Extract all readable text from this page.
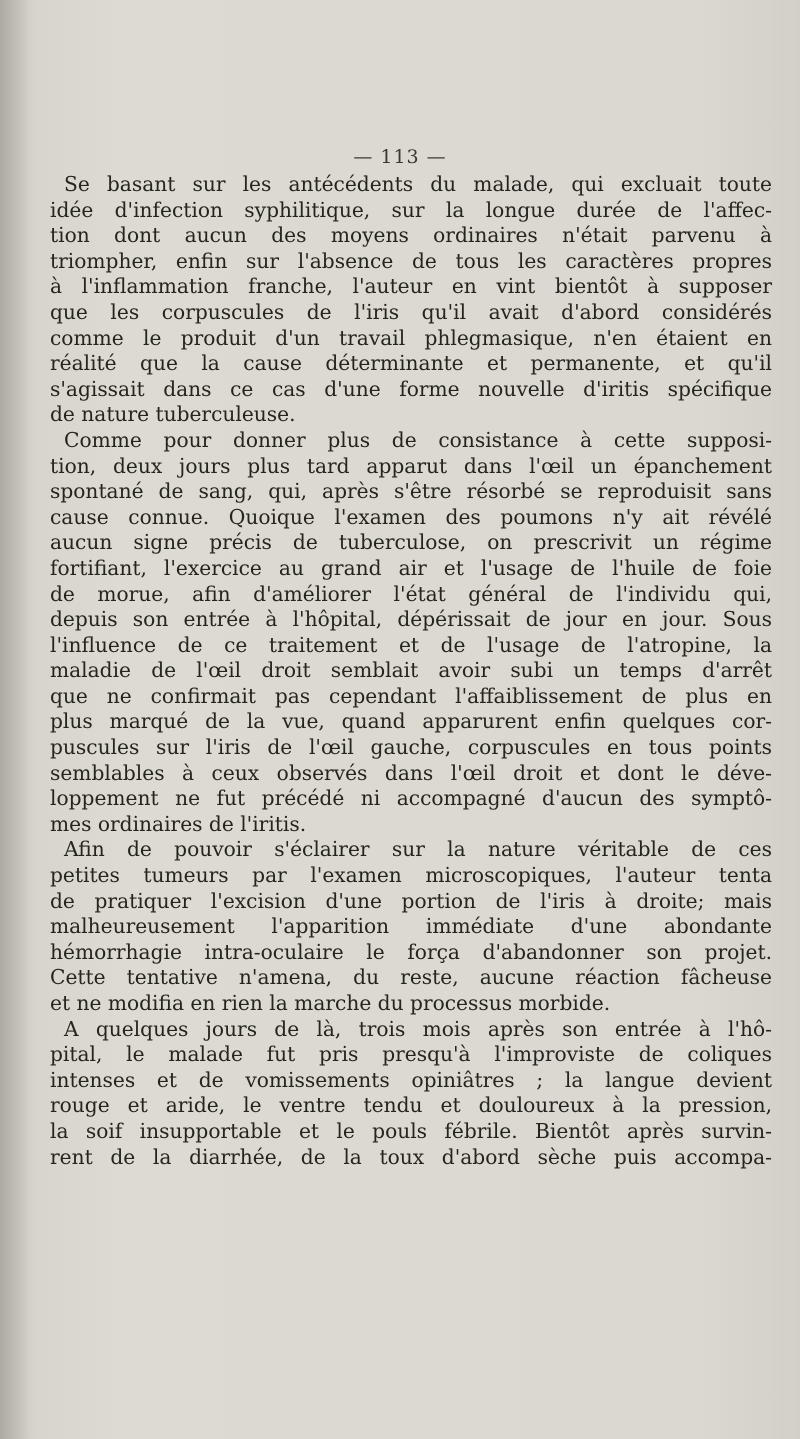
— 113 —
Se basant sur les antécédents du malade, qui excluait toute
idée d'infection syphilitique, sur la longue durée de l'affec-
tion dont aucun des moyens ordinaires n'était parvenu à
triompher, enfin sur l'absence de tous les caractères propres
à l'inflammation franche, l'auteur en vint bientôt à supposer
que les corpuscules de l'iris qu'il avait d'abord considérés
comme le produit d'un travail phlegmasique, n'en étaient en
réalité que la cause déterminante et permanente, et qu'il
s'agissait dans ce cas d'une forme nouvelle d'iritis spécifique
de nature tuberculeuse.
Comme pour donner plus de consistance à cette supposi-
tion, deux jours plus tard apparut dans l'œil un épanchement
spontané de sang, qui, après s'être résorbé se reproduisit sans
cause connue. Quoique l'examen des poumons n'y ait révélé
aucun signe précis de tuberculose, on prescrivit un régime
fortifiant, l'exercice au grand air et l'usage de l'huile de foie
de morue, afin d'améliorer l'état général de l'individu qui,
depuis son entrée à l'hôpital, dépérissait de jour en jour. Sous
l'influence de ce traitement et de l'usage de l'atropine, la
maladie de l'œil droit semblait avoir subi un temps d'arrêt
que ne confirmait pas cependant l'affaiblissement de plus en
plus marqué de la vue, quand apparurent enfin quelques cor-
puscules sur l'iris de l'œil gauche, corpuscules en tous points
semblables à ceux observés dans l'œil droit et dont le déve-
loppement ne fut précédé ni accompagné d'aucun des symptô-
mes ordinaires de l'iritis.
Afin de pouvoir s'éclairer sur la nature véritable de ces
petites tumeurs par l'examen microscopiques, l'auteur tenta
de pratiquer l'excision d'une portion de l'iris à droite; mais
malheureusement l'apparition immédiate d'une abondante
hémorrhagie intra-oculaire le força d'abandonner son projet.
Cette tentative n'amena, du reste, aucune réaction fâcheuse
et ne modifia en rien la marche du processus morbide.
A quelques jours de là, trois mois après son entrée à l'hô-
pital, le malade fut pris presqu'à l'improviste de coliques
intenses et de vomissements opiniâtres ; la langue devient
rouge et aride, le ventre tendu et douloureux à la pression,
la soif insupportable et le pouls fébrile. Bientôt après survin-
rent de la diarrhée, de la toux d'abord sèche puis accompa-
